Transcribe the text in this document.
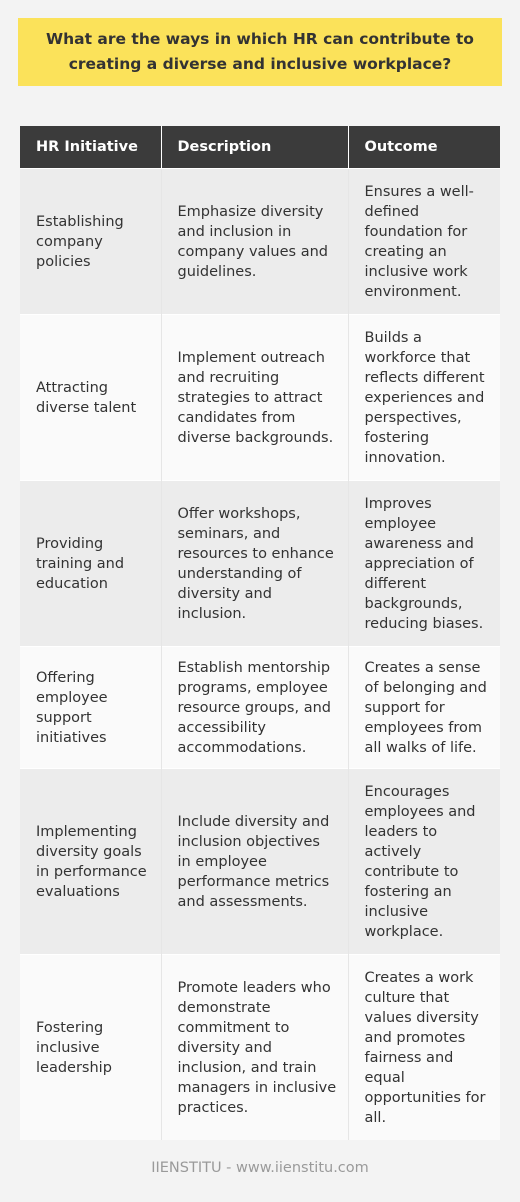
What are the ways in which HR can contribute to creating a diverse and inclusive workplace?
HR Initiative	Description	Outcome
Establishing company policies	Emphasize diversity and inclusion in company values and guidelines.	Ensures a well-defined foundation for creating an inclusive work environment.
Attracting diverse talent	Implement outreach and recruiting strategies to attract candidates from diverse backgrounds.	Builds a workforce that reflects different experiences and perspectives, fostering innovation.
Providing training and education	Offer workshops, seminars, and resources to enhance understanding of diversity and inclusion.	Improves employee awareness and appreciation of different backgrounds, reducing biases.
Offering employee support initiatives	Establish mentorship programs, employee resource groups, and accessibility accommodations.	Creates a sense of belonging and support for employees from all walks of life.
Implementing diversity goals in performance evaluations	Include diversity and inclusion objectives in employee performance metrics and assessments.	Encourages employees and leaders to actively contribute to fostering an inclusive workplace.
Fostering inclusive leadership	Promote leaders who demonstrate commitment to diversity and inclusion, and train managers in inclusive practices.	Creates a work culture that values diversity and promotes fairness and equal opportunities for all.
IIENSTITU - www.iienstitu.com
